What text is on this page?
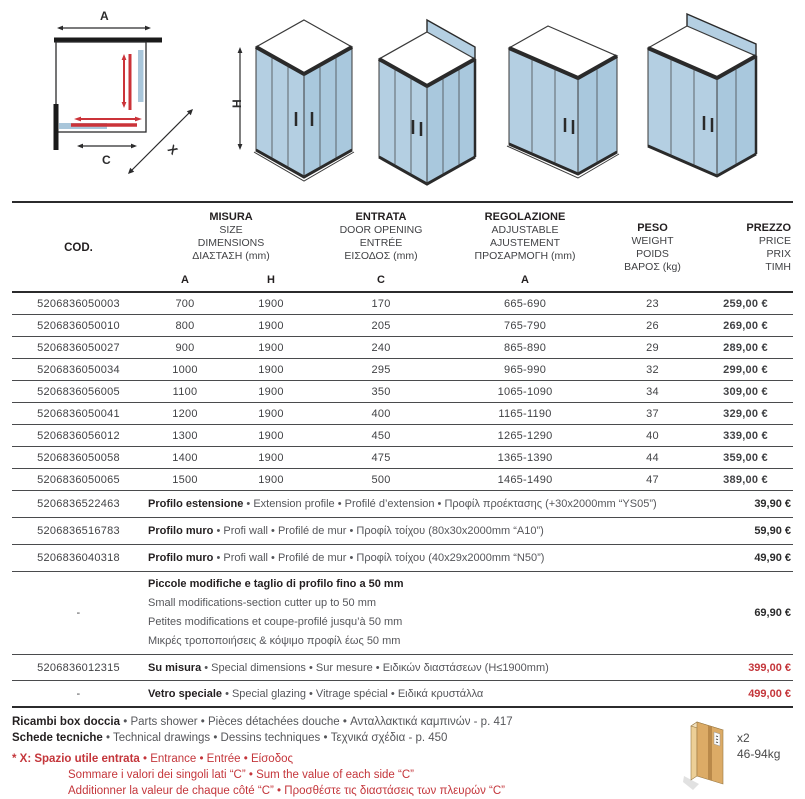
A
C
X
H
COD.	
MISURA
SIZE
DIMENSIONS
ΔΙΑΣΤΑΣΗ (mm)

ENTRATA
DOOR OPENING
ENTRÉE
ΕΙΣΟΔΟΣ (mm)

REGOLAZIONE
ADJUSTABLE
AJUSTEMENT
ΠΡΟΣΑΡΜΟΓΗ (mm)

PESO
WEIGHT
POIDS
ΒΑΡΟΣ (kg)

PREZZO
PRICE
PRIX
ΤΙΜΗ

	A	H	C	A		
5206836050003	700	1900	170	665-690	23	259,00 €
5206836050010	800	1900	205	765-790	26	269,00 €
5206836050027	900	1900	240	865-890	29	289,00 €
5206836050034	1000	1900	295	965-990	32	299,00 €
5206836056005	1100	1900	350	1065-1090	34	309,00 €
5206836050041	1200	1900	400	1165-1190	37	329,00 €
5206836056012	1300	1900	450	1265-1290	40	339,00 €
5206836050058	1400	1900	475	1365-1390	44	359,00 €
5206836050065	1500	1900	500	1465-1490	47	389,00 €
5206836522463	Profilo estensione • Extension profile • Profilé d’extension • Προφίλ προέκτασης (+30x2000mm “YS05”)					39,90 €
5206836516783	Profilo muro • Profi wall • Profilé de mur • Προφίλ τοίχου (80x30x2000mm “A10”)					59,90 €
5206836040318	Profilo muro • Profi wall • Profilé de mur • Προφίλ τοίχου (40x29x2000mm “N50”)					49,90 €
-	Piccole modifiche e taglio di profilo fino a 50 mm
Small modifications-section cutter up to 50 mm
Petites modifications et coupe-profilé jusqu’à 50 mm
Μικρές τροποποιήσεις & κόψιμο προφίλ έως 50 mm					69,90 €
5206836012315	Su misura • Special dimensions • Sur mesure • Ειδικών διαστάσεων (H≤1900mm)					399,00 €
-	Vetro speciale • Special glazing • Vitrage spécial • Ειδικά κρυστάλλα					499,00 €
Ricambi box doccia • Parts shower • Pièces détachées douche • Ανταλλακτικά καμπινών - p. 417
Schede tecniche • Technical drawings • Dessins techniques • Τεχνικά σχέδια - p. 450
* X: Spazio utile entrata • Entrance • Entrée • Είσοδος
Sommare i valori dei singoli lati “C” • Sum the value of each side “C”
Additionner la valeur de chaque côté “C” • Προσθέστε τις διαστάσεις των πλευρών “C”
x2
46-94kg
